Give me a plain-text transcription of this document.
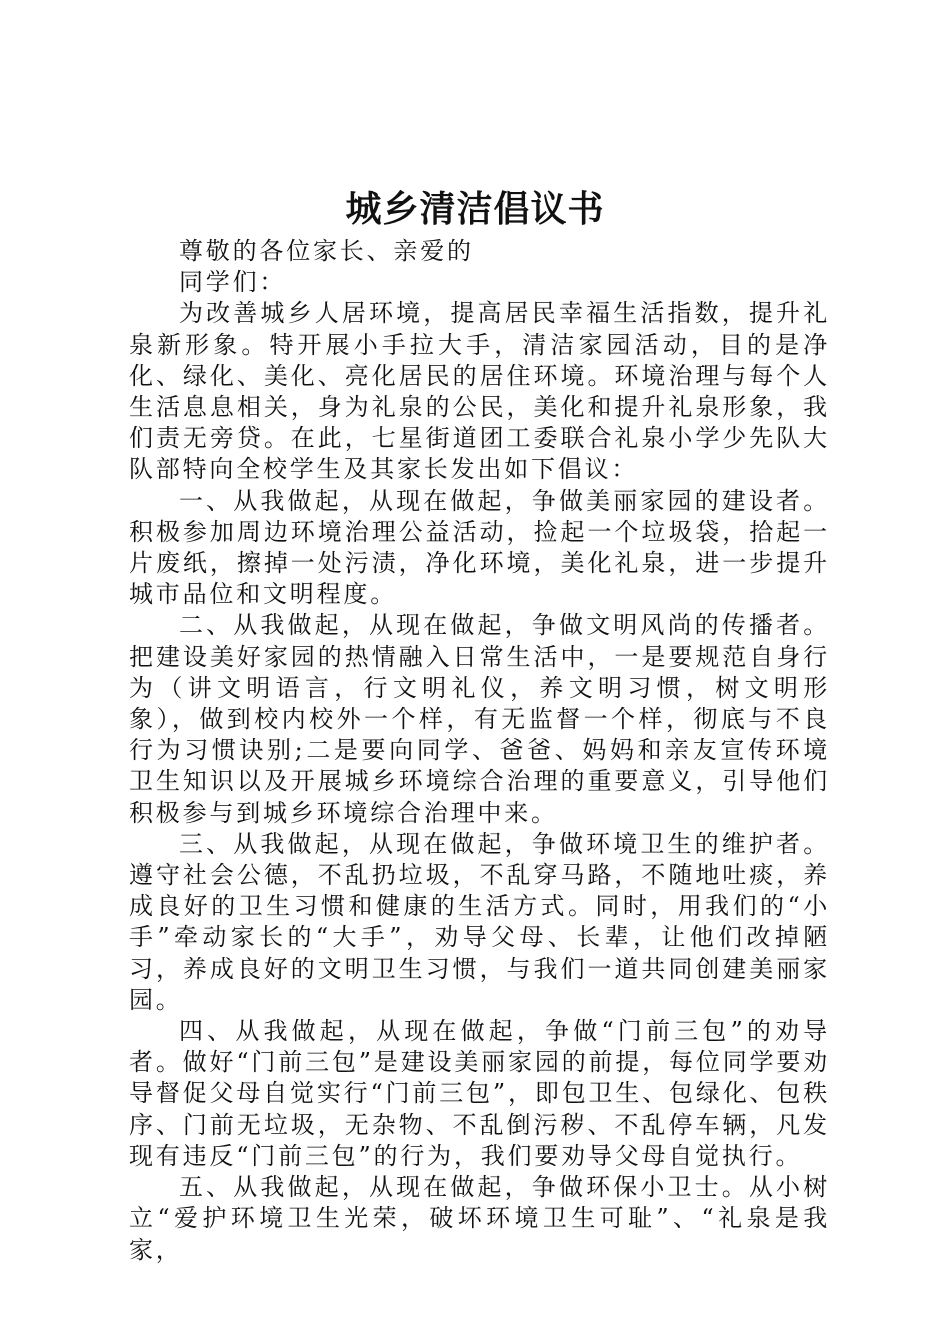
城乡清洁倡议书

尊敬的各位家长、亲爱的

同学们：

为改善城乡人居环境，提高居民幸福生活指数，提升礼泉新形象。特开展小手拉大手，清洁家园活动，目的是净化、绿化、美化、亮化居民的居住环境。环境治理与每个人生活息息相关，身为礼泉的公民，美化和提升礼泉形象，我们责无旁贷。在此，七星街道团工委联合礼泉小学少先队大队部特向全校学生及其家长发出如下倡议：

一、从我做起，从现在做起，争做美丽家园的建设者。积极参加周边环境治理公益活动，捡起一个垃圾袋，拾起一片废纸，擦掉一处污渍，净化环境，美化礼泉，进一步提升城市品位和文明程度。

二、从我做起，从现在做起，争做文明风尚的传播者。把建设美好家园的热情融入日常生活中，一是要规范自身行为（讲文明语言，行文明礼仪，养文明习惯，树文明形象），做到校内校外一个样，有无监督一个样，彻底与不良行为习惯诀别;二是要向同学、爸爸、妈妈和亲友宣传环境卫生知识以及开展城乡环境综合治理的重要意义，引导他们积极参与到城乡环境综合治理中来。

三、从我做起，从现在做起，争做环境卫生的维护者。遵守社会公德，不乱扔垃圾，不乱穿马路，不随地吐痰，养成良好的卫生习惯和健康的生活方式。同时，用我们的“小手”牵动家长的“大手”，劝导父母、长辈，让他们改掉陋习，养成良好的文明卫生习惯，与我们一道共同创建美丽家园。

四、从我做起，从现在做起，争做“门前三包”的劝导者。做好“门前三包”是建设美丽家园的前提，每位同学要劝导督促父母自觉实行“门前三包”，即包卫生、包绿化、包秩序、门前无垃圾，无杂物、不乱倒污秽、不乱停车辆，凡发现有违反“门前三包”的行为，我们要劝导父母自觉执行。

五、从我做起，从现在做起，争做环保小卫士。从小树立“爱护环境卫生光荣，破坏环境卫生可耻”、“礼泉是我家，
